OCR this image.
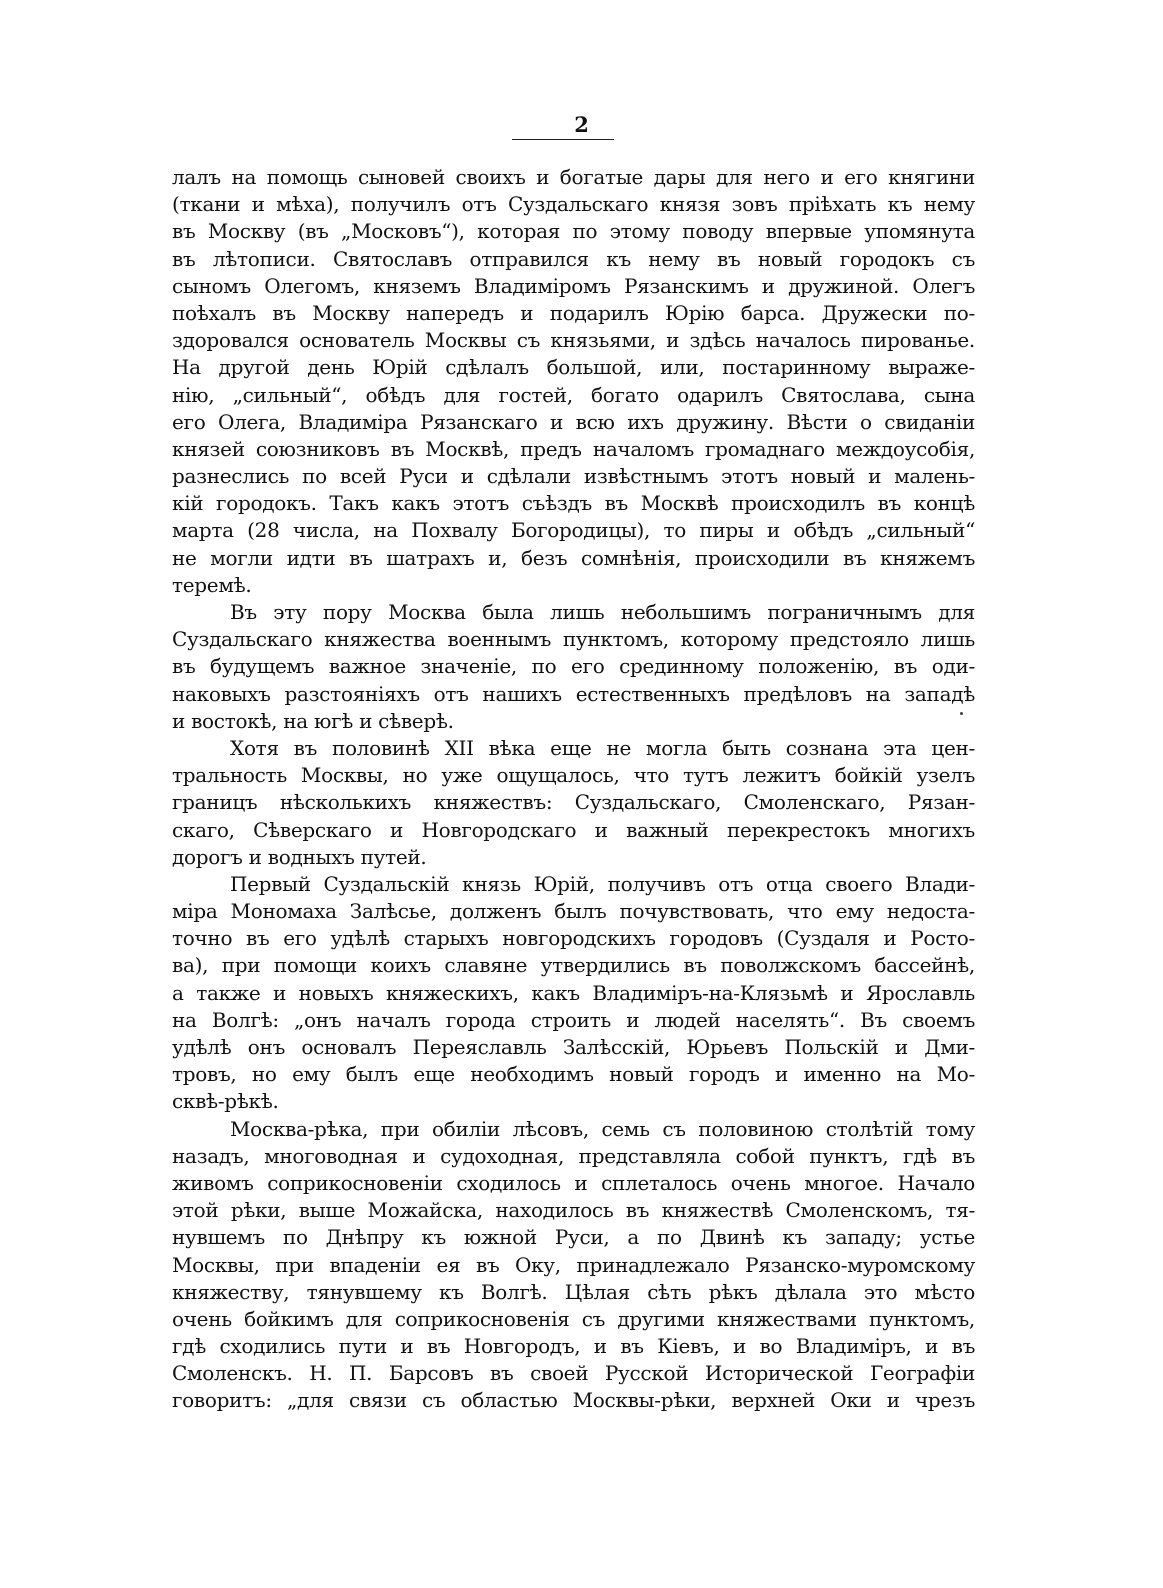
2

лалъ на помощь сыновей своихъ и богатые дары для него и его княгини
(ткани и мѣха), получилъ отъ Суздальскаго князя зовъ пріѣхать къ нему
въ Москву (въ „Московъ“), которая по этому поводу впервые упомянута
въ лѣтописи. Святославъ отправился къ нему въ новый городокъ съ
сыномъ Олегомъ, княземъ Владиміромъ Рязанскимъ и дружиной. Олегъ
поѣхалъ въ Москву напередъ и подарилъ Юрію барса. Дружески по-
здоровался основатель Москвы съ князьями, и здѣсь началось пированье.
На другой день Юрій сдѣлалъ большой, или, постаринному выраже-
нію, „сильный“, обѣдъ для гостей, богато одарилъ Святослава, сына
его Олега, Владиміра Рязанскаго и всю ихъ дружину. Вѣсти о свиданіи
князей союзниковъ въ Москвѣ, предъ началомъ громаднаго междоусобія,
разнеслись по всей Руси и сдѣлали извѣстнымъ этотъ новый и малень-
кій городокъ. Такъ какъ этотъ съѣздъ въ Москвѣ происходилъ въ концѣ
марта (28 числа, на Похвалу Богородицы), то пиры и обѣдъ „сильный“
не могли идти въ шатрахъ и, безъ сомнѣнія, происходили въ княжемъ
теремѣ.

Въ эту пору Москва была лишь небольшимъ пограничнымъ для
Суздальскаго княжества военнымъ пунктомъ, которому предстояло лишь
въ будущемъ важное значеніе, по его срединному положенію, въ оди-
наковыхъ разстояніяхъ отъ нашихъ естественныхъ предѣловъ на западѣ
и востокѣ, на югѣ и сѣверѣ.

Хотя въ половинѣ XII вѣка еще не могла быть сознана эта цен-
тральность Москвы, но уже ощущалось, что тутъ лежитъ бойкій узелъ
границъ нѣсколькихъ княжествъ: Суздальскаго, Смоленскаго, Рязан-
скаго, Сѣверскаго и Новгородскаго и важный перекрестокъ многихъ
дорогъ и водныхъ путей.

Первый Суздальскій князь Юрій, получивъ отъ отца своего Влади-
міра Мономаха Залѣсье, долженъ былъ почувствовать, что ему недоста-
точно въ его удѣлѣ старыхъ новгородскихъ городовъ (Суздаля и Росто-
ва), при помощи коихъ славяне утвердились въ поволжскомъ бассейнѣ,
а также и новыхъ княжескихъ, какъ Владиміръ-на-Клязьмѣ и Ярославль
на Волгѣ: „онъ началъ города строить и людей населять“. Въ своемъ
удѣлѣ онъ основалъ Переяславль Залѣсскій, Юрьевъ Польскій и Дми-
тровъ, но ему былъ еще необходимъ новый городъ и именно на Мо-
сквѣ-рѣкѣ.

Москва-рѣка, при обиліи лѣсовъ, семь съ половиною столѣтій тому
назадъ, многоводная и судоходная, представляла собой пунктъ, гдѣ въ
живомъ соприкосновеніи сходилось и сплеталось очень многое. Начало
этой рѣки, выше Можайска, находилось въ княжествѣ Смоленскомъ, тя-
нувшемъ по Днѣпру къ южной Руси, а по Двинѣ къ западу; устье
Москвы, при впаденіи ея въ Оку, принадлежало Рязанско-муромскому
княжеству, тянувшему къ Волгѣ. Цѣлая сѣть рѣкъ дѣлала это мѣсто
очень бойкимъ для соприкосновенія съ другими княжествами пунктомъ,
гдѣ сходились пути и въ Новгородъ, и въ Кіевъ, и во Владиміръ, и въ
Смоленскъ. Н. П. Барсовъ въ своей Русской Исторической Географіи
говоритъ: „для связи съ областью Москвы-рѣки, верхней Оки и чрезъ
